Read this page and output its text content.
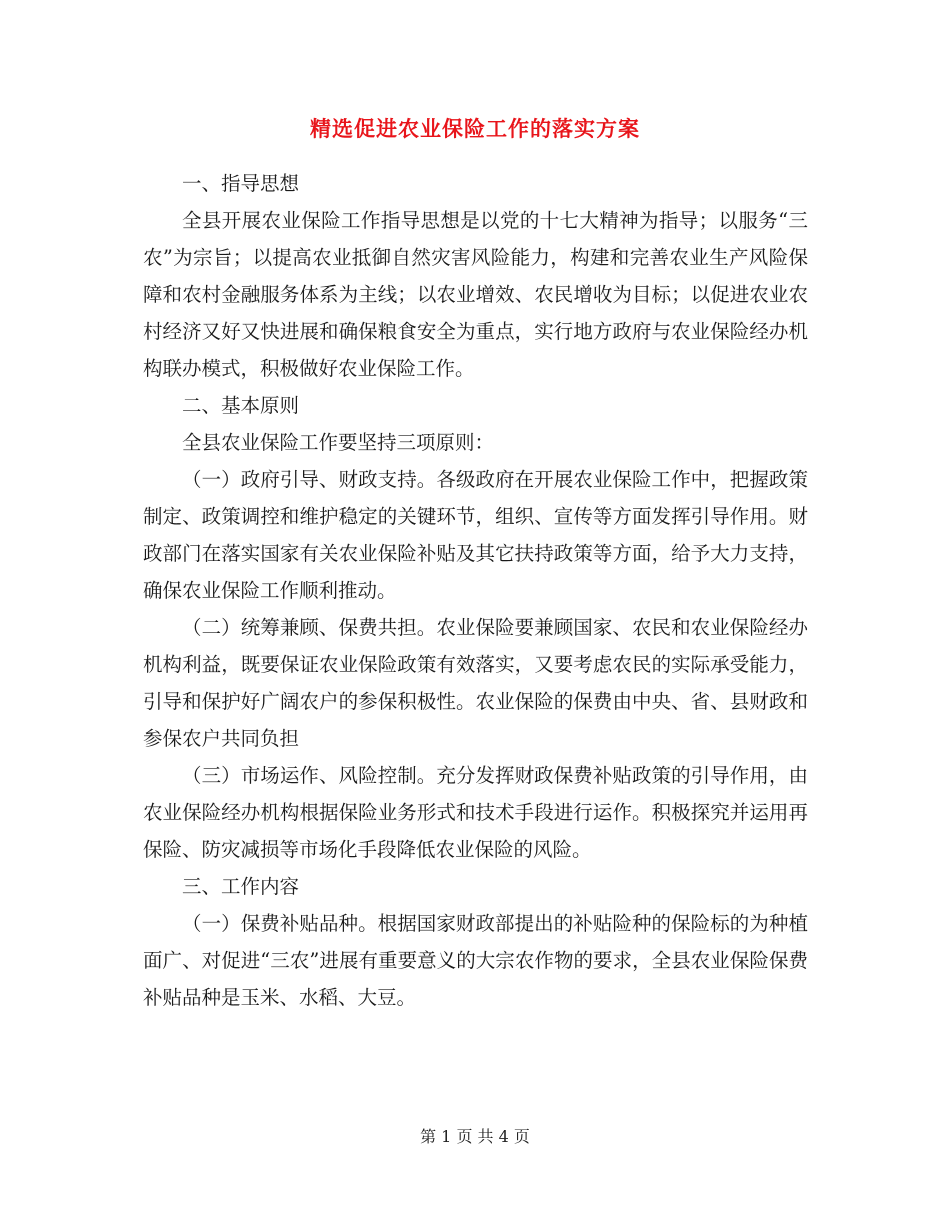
精选促进农业保险工作的落实方案

一、指导思想

全县开展农业保险工作指导思想是以党的十七大精神为指导；以服务“三农”为宗旨；以提高农业抵御自然灾害风险能力，构建和完善农业生产风险保障和农村金融服务体系为主线；以农业增效、农民增收为目标；以促进农业农村经济又好又快进展和确保粮食安全为重点，实行地方政府与农业保险经办机构联办模式，积极做好农业保险工作。

二、基本原则

全县农业保险工作要坚持三项原则：

（一）政府引导、财政支持。各级政府在开展农业保险工作中，把握政策制定、政策调控和维护稳定的关键环节，组织、宣传等方面发挥引导作用。财政部门在落实国家有关农业保险补贴及其它扶持政策等方面，给予大力支持，确保农业保险工作顺利推动。

（二）统筹兼顾、保费共担。农业保险要兼顾国家、农民和农业保险经办机构利益，既要保证农业保险政策有效落实，又要考虑农民的实际承受能力，引导和保护好广阔农户的参保积极性。农业保险的保费由中央、省、县财政和参保农户共同负担

（三）市场运作、风险控制。充分发挥财政保费补贴政策的引导作用，由农业保险经办机构根据保险业务形式和技术手段进行运作。积极探究并运用再保险、防灾减损等市场化手段降低农业保险的风险。

三、工作内容

（一）保费补贴品种。根据国家财政部提出的补贴险种的保险标的为种植面广、对促进“三农”进展有重要意义的大宗农作物的要求，全县农业保险保费补贴品种是玉米、水稻、大豆。

第 1 页 共 4 页
